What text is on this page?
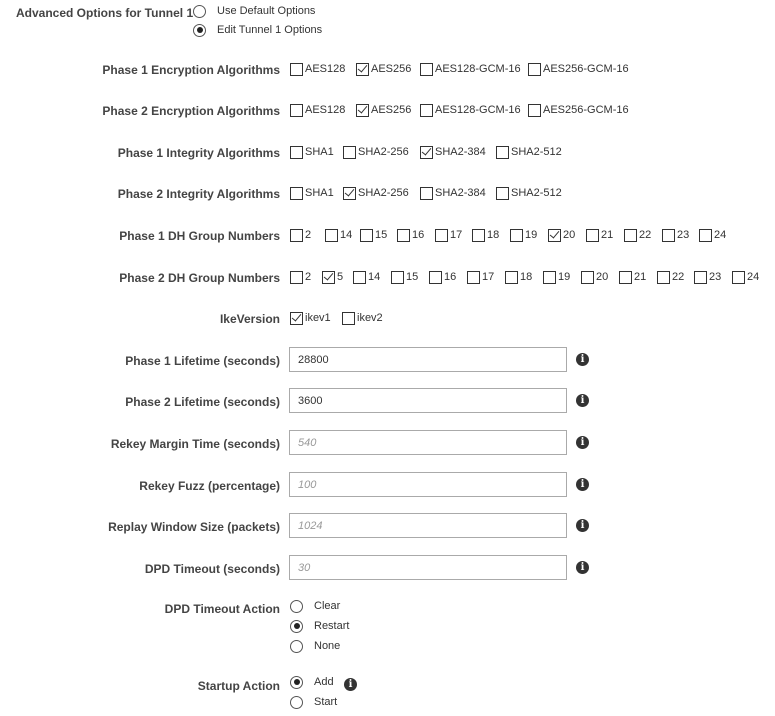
Advanced Options for Tunnel 1 Use Default Options
Edit Tunnel 1 Options
Phase 1 Encryption Algorithms AES128 AES256 AES128-GCM-16 AES256-GCM-16
Phase 2 Encryption Algorithms AES128 AES256 AES128-GCM-16 AES256-GCM-16
Phase 1 Integrity Algorithms SHA1 SHA2-256 SHA2-384 SHA2-512
Phase 2 Integrity Algorithms SHA1 SHA2-256 SHA2-384 SHA2-512
Phase 1 DH Group Numbers 2	14 15 16 17 18 19 20 21 22 23 24
Phase 2 DH Group Numbers 2 5 14 15 16 17 18 19 20 21 22 23 24
IkeVersion ikev1 ikev2
Phase 1 Lifetime (seconds) 28800	i
Phase 2 Lifetime (seconds) 3600	i
Rekey Margin Time (seconds) 540	i
Rekey Fuzz (percentage) 100	i
Replay Window Size (packets) 1024	i
DPD Timeout (seconds) 30	i
DPD Timeout Action	Clear
Restart
None
Startup Action	Add	i
Start
